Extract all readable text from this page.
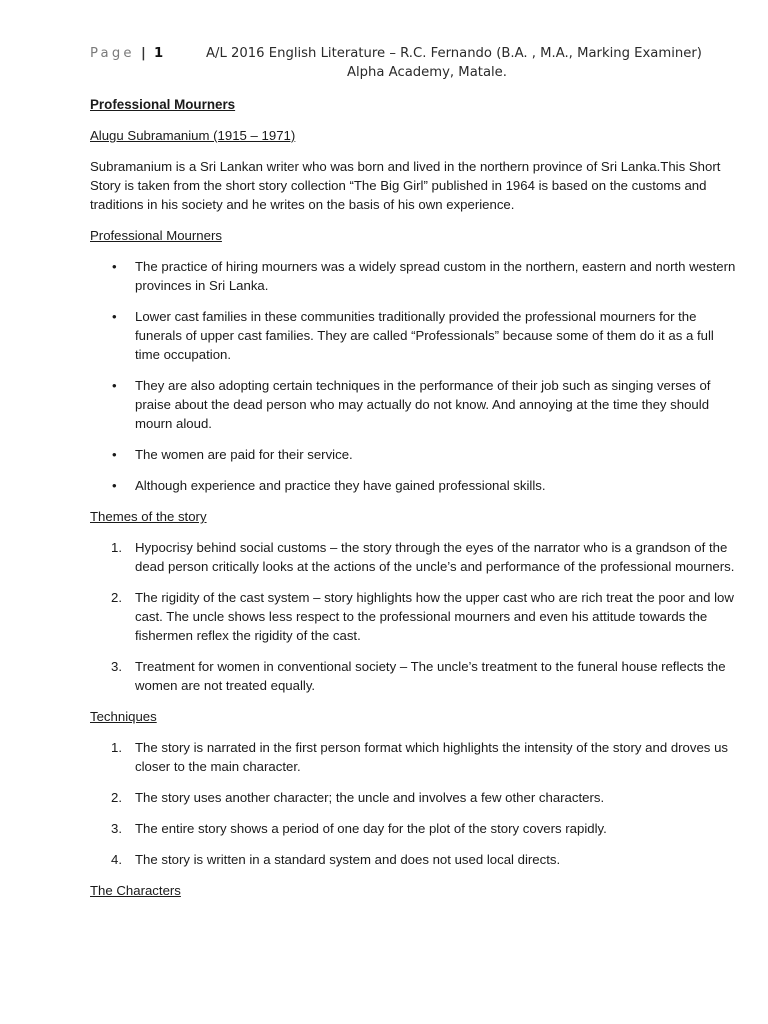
Page | 1	A/L 2016 English Literature – R.C. Fernando (B.A. , M.A., Marking Examiner)
Alpha Academy, Matale.
Professional Mourners
Alugu Subramanium (1915 – 1971)

Subramanium is a Sri Lankan writer who was born and lived in the northern province of Sri Lanka.This Short Story is taken from the short story collection “The Big Girl” published in 1964 is based on the customs and traditions in his society and he writes on the basis of his own experience.

Professional Mourners
• The practice of hiring mourners was a widely spread custom in the northern, eastern and north western provinces in Sri Lanka.
• Lower cast families in these communities traditionally provided the professional mourners for the funerals of upper cast families. They are called “Professionals” because some of them do it as a full time occupation.
• They are also adopting certain techniques in the performance of their job such as singing verses of praise about the dead person who may actually do not know. And annoying at the time they should mourn aloud.
• The women are paid for their service.
• Although experience and practice they have gained professional skills.
Themes of the story
1. Hypocrisy behind social customs – the story through the eyes of the narrator who is a grandson of the dead person critically looks at the actions of the uncle’s and performance of the professional mourners.
2. The rigidity of the cast system – story highlights how the upper cast who are rich treat the poor and low cast. The uncle shows less respect to the professional mourners and even his attitude towards the fishermen reflex the rigidity of the cast.
3. Treatment for women in conventional society – The uncle’s treatment to the funeral house reflects the women are not treated equally.
Techniques
1. The story is narrated in the first person format which highlights the intensity of the story and droves us closer to the main character.
2. The story uses another character; the uncle and involves a few other characters.
3. The entire story shows a period of one day for the plot of the story covers rapidly.
4. The story is written in a standard system and does not used local directs.
The Characters
